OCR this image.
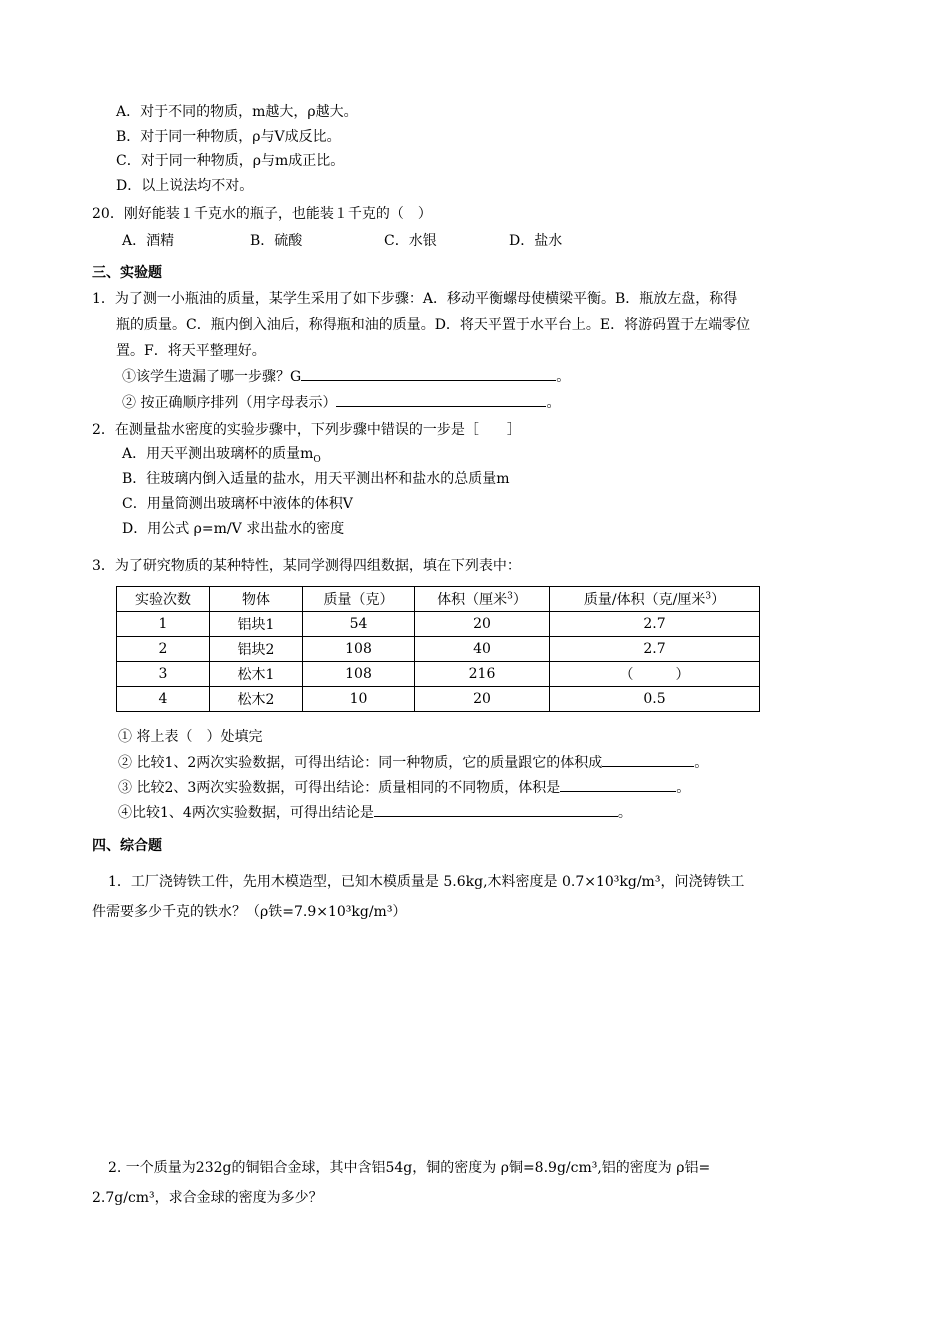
A．对于不同的物质，m越大，ρ越大。
B．对于同一种物质，ρ与V成反比。
C．对于同一种物质，ρ与m成正比。
D．以上说法均不对。
20．刚好能装１千克水的瓶子，也能装１千克的（　）
A．酒精	B．硫酸	C．水银	D．盐水
三、实验题
1．为了测一小瓶油的质量，某学生采用了如下步骤：A．移动平衡螺母使横梁平衡。B．瓶放左盘，称得
瓶的质量。C．瓶内倒入油后，称得瓶和油的质量。D．将天平置于水平台上。E．将游码置于左端零位
置。F．将天平整理好。
①该学生遗漏了哪一步骤？G	。
② 按正确顺序排列（用字母表示）	。
2．在测量盐水密度的实验步骤中，下列步骤中错误的一步是［　　］
A．用天平测出玻璃杯的质量$m_O$
B．往玻璃内倒入适量的盐水，用天平测出杯和盐水的总质量m
C．用量筒测出玻璃杯中液体的体积V
D．用公式 ρ=m/V 求出盐水的密度
3．为了研究物质的某种特性，某同学测得四组数据，填在下列表中：
实验次数	物体	质量（克）	体积（厘米$^3$）	质量/体积（克/厘米$^3$）
1	铝块1	54	20	2.7
2	铝块2	108	40	2.7
3	松木1	108	216	（　　　）
4	松木2	10	20	0.5
① 将上表（　）处填完
② 比较1、2两次实验数据，可得出结论：同一种物质，它的质量跟它的体积成	。
③ 比较2、3两次实验数据，可得出结论：质量相同的不同物质，体积是	。
④比较1、4两次实验数据，可得出结论是	。
四、综合题
1．工厂浇铸铁工件，先用木模造型，已知木模质量是 5.6kg,木料密度是 0.7×10³kg/m³，问浇铸铁工
件需要多少千克的铁水？（ρ铁=7.9×10³kg/m³）
2. 一个质量为232g的铜铝合金球，其中含铝54g，铜的密度为 ρ铜=8.9g/cm³,铝的密度为 ρ铝=
2.7g/cm³，求合金球的密度为多少？
